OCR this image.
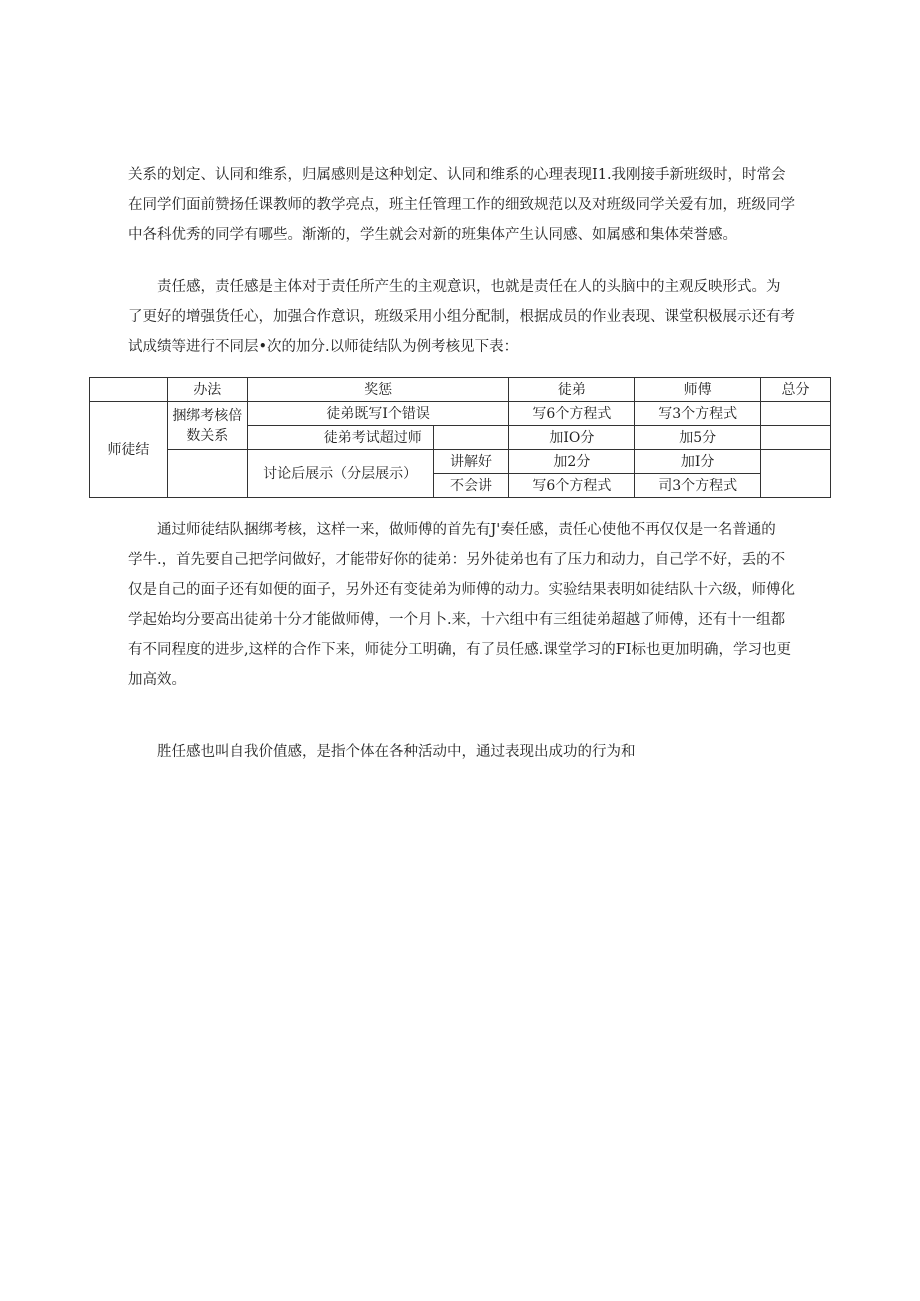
关系的划定、认同和维系，归属感则是这种划定、认同和维系的心理表现I1.我刚接手新班级时，时常会
在同学们面前赞扬任课教师的教学亮点，班主任管理工作的细致规范以及对班级同学关爱有加，班级同学
中各科优秀的同学有哪些。渐渐的，学生就会对新的班集体产生认同感、如属感和集体荣誉感。
　　责任感，责任感是主体对于责任所产生的主观意识，也就是责任在人的头脑中的主观反映形式。为
了更好的增强货任心，加强合作意识，班级采用小组分配制，根据成员的作业表现、课堂积极展示还有考
试成绩等进行不同层•次的加分.以师徒结队为例考核见下表：
	办法	奖惩		徒弟	师傅	总分
师徒结	捆绑考核倍数关系	徒弟既写I个错误		写6个方程式	写3个方程式	
		徒弟考试超过师		加IO分	加5分	
		讨论后展示（分层展示）	讲解好	加2分	加I分	
			不会讲	写6个方程式	司3个方程式	
　　通过师徒结队捆绑考核，这样一来，做师傅的首先有J'奏任感，责任心使他不再仅仅是一名普通的
学牛.，首先要自己把学问做好，才能带好你的徒弟：另外徒弟也有了压力和动力，自己学不好，丢的不
仅是自己的面子还有如便的面子，另外还有变徒弟为师傅的动力。实验结果表明如徒结队十六级，师傅化
学起始均分要高出徒弟十分才能做师傅，一个月卜.来，十六组中有三组徒弟超越了师傅，还有十一组都
有不同程度的进步,这样的合作下来，师徒分工明确，有了员任感.课堂学习的FI标也更加明确，学习也更
加高效。
　　胜任感也叫自我价值感，是指个体在各种活动中，通过表现出成功的行为和
